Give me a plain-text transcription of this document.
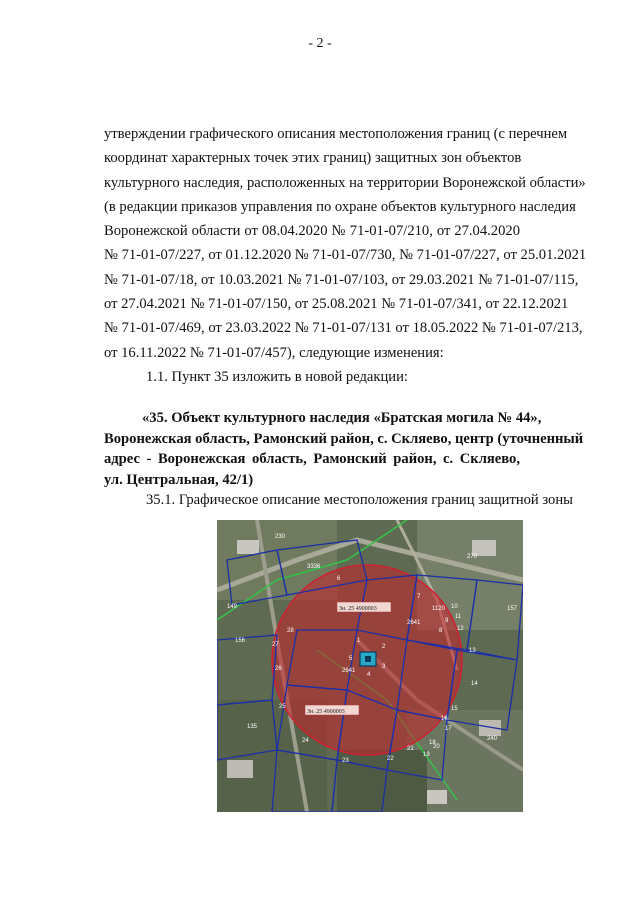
- 2 -
утверждении графического описания местоположения границ (с перечнем
координат характерных точек этих границ) защитных зон объектов
культурного наследия, расположенных на территории Воронежской области»
(в редакции приказов управления по охране объектов культурного наследия
Воронежской области от 08.04.2020 № 71-01-07/210, от 27.04.2020
№ 71-01-07/227, от 01.12.2020 № 71-01-07/730, № 71-01-07/227, от 25.01.2021
№ 71-01-07/18, от 10.03.2021 № 71-01-07/103, от 29.03.2021 № 71-01-07/115,
от 27.04.2021 № 71-01-07/150, от 25.08.2021 № 71-01-07/341, от 22.12.2021
№ 71-01-07/469, от 23.03.2022 № 71-01-07/131 от 18.05.2022 № 71-01-07/213,
от 16.11.2022 № 71-01-07/457), следующие изменения:
1.1. Пункт 35 изложить в новой редакции:
«35. Объект культурного наследия «Братская могила № 44»,
Воронежская область, Рамонский район, с. Скляево, центр (уточненный
адрес - Воронежская область, Рамонский район, с. Скляево,
ул. Центральная, 42/1)
35.1. Графическое описание местоположения границ защитной зоны
Зн. 25 4900003
Зн. 25 4900003
2641
2641
1120
3336
230
156
157
149
135
270
240
1
2
3
4
5
6
7
8
9
10
11
12
13
14
15
16
17
18
19
20
21
22
23
24
25
26
27
28
